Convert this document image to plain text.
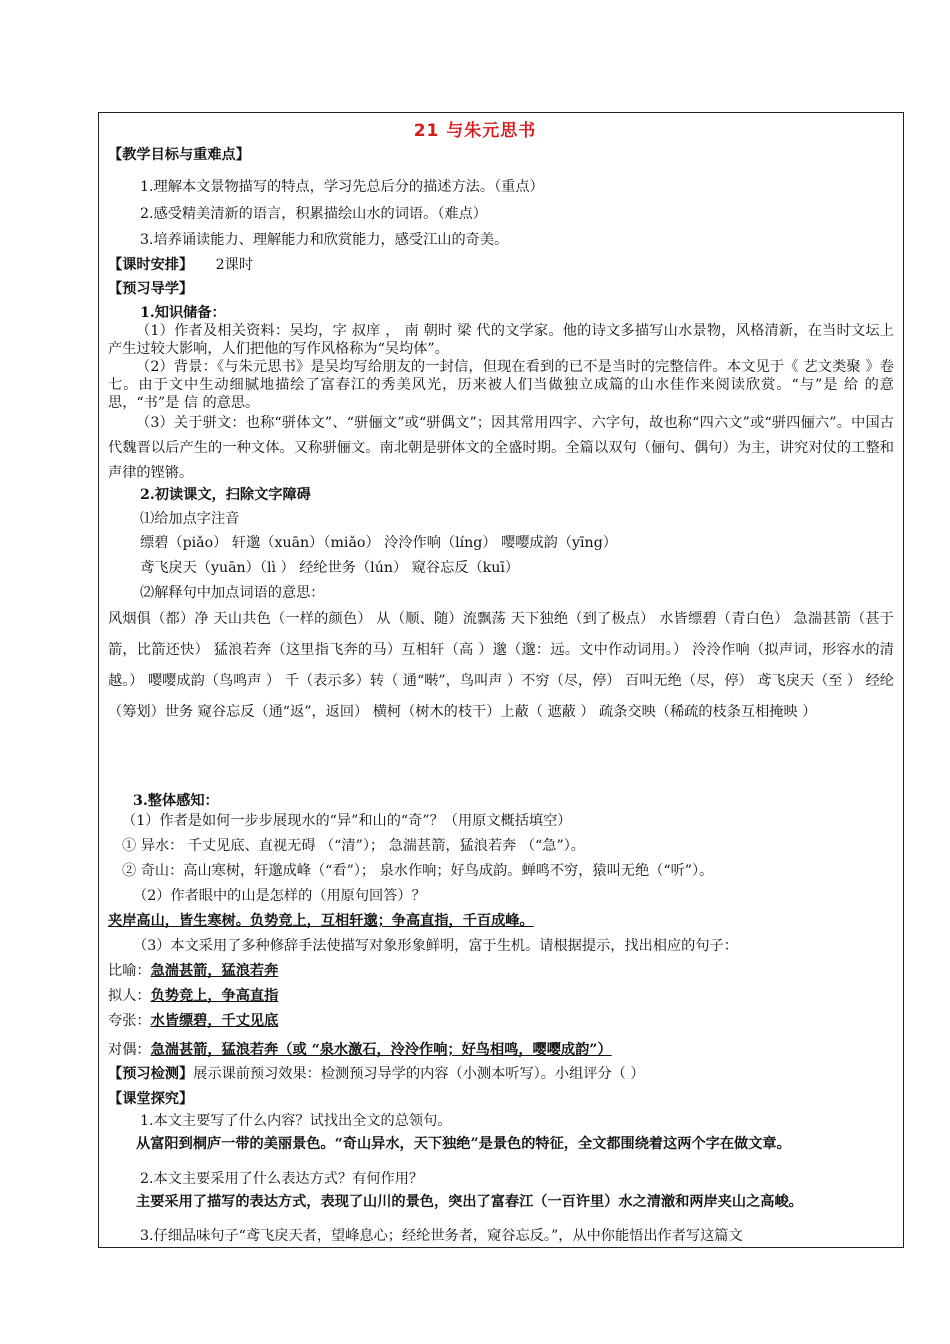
21 与朱元思书
【教学目标与重难点】
1.理解本文景物描写的特点，学习先总后分的描述方法。（重点）
2.感受精美清新的语言，积累描绘山水的词语。（难点）
3.培养诵读能力、理解能力和欣赏能力，感受江山的奇美。
【课时安排】 2课时
【预习导学】
1.知识储备：
（1）作者及相关资料：吴均，字 叔庠 ， 南 朝时 梁 代的文学家。他的诗文多描写山水景物，风格清新，在当时文坛上产生过较大影响，人们把他的写作风格称为“吴均体”。
（2）背景：《与朱元思书》是吴均写给朋友的一封信，但现在看到的已不是当时的完整信件。本文见于《 艺文类聚 》卷七。由于文中生动细腻地描绘了富春江的秀美风光，历来被人们当做独立成篇的山水佳作来阅读欣赏。“与”是 给 的意思，“书”是 信 的意思。
（3）关于骈文：也称“骈体文”、“骈俪文”或“骈偶文”；因其常用四字、六字句，故也称“四六文”或“骈四俪六”。中国古代魏晋以后产生的一种文体。又称骈俪文。南北朝是骈体文的全盛时期。全篇以双句（俪句、偶句）为主，讲究对仗的工整和声律的铿锵。
2.初读课文，扫除文字障碍
⑴给加点字注音
缥碧（piǎo） 轩邈（xuān）（miǎo） 泠泠作响（líng） 嘤嘤成韵（yīng）
鸢飞戾天（yuān）（lì ） 经纶世务（lún） 窥谷忘反（kuī）
⑵解释句中加点词语的意思：
风烟俱（都）净 天山共色（一样的颜色） 从（顺、随）流飘荡 天下独绝（到了极点） 水皆缥碧（青白色） 急湍甚箭（甚于箭，比箭还快） 猛浪若奔（这里指飞奔的马）互相轩（高 ）邈（邈：远。文中作动词用。） 泠泠作响（拟声词，形容水的清越。） 嘤嘤成韵（鸟鸣声 ） 千（表示多）转（ 通“啭”，鸟叫声 ）不穷（尽，停） 百叫无绝（尽，停） 鸢飞戾天（至 ） 经纶（筹划）世务 窥谷忘反（通“返”，返回） 横柯（树木的枝干）上蔽（ 遮蔽 ） 疏条交映（稀疏的枝条互相掩映 ）
3.整体感知：
（1）作者是如何一步步展现水的“异”和山的“奇”？（用原文概括填空）
① 异水： 千丈见底、直视无碍 （“清”）； 急湍甚箭，猛浪若奔 （“急”）。
② 奇山：高山寒树，轩邈成峰（“看”）； 泉水作响；好鸟成韵。蝉鸣不穷，猿叫无绝（“听”）。
（2）作者眼中的山是怎样的（用原句回答）？
夹岸高山，皆生寒树。负势竞上，互相轩邈；争高直指，千百成峰。
（3）本文采用了多种修辞手法使描写对象形象鲜明，富于生机。请根据提示，找出相应的句子：
比喻：急湍甚箭，猛浪若奔
拟人：负势竞上，争高直指
夸张：水皆缥碧，千丈见底
对偶：急湍甚箭，猛浪若奔（或 “泉水激石，泠泠作响；好鸟相鸣，嘤嘤成韵”）
【预习检测】展示课前预习效果：检测预习导学的内容（小测本听写）。小组评分（ ）
【课堂探究】
1.本文主要写了什么内容？试找出全文的总领句。
从富阳到桐庐一带的美丽景色。“奇山异水，天下独绝”是景色的特征，全文都围绕着这两个字在做文章。
2.本文主要采用了什么表达方式？有何作用？
主要采用了描写的表达方式，表现了山川的景色，突出了富春江（一百许里）水之清澈和两岸夹山之高峻。
3.仔细品味句子“鸢飞戾天者，望峰息心；经纶世务者，窥谷忘反。”，从中你能悟出作者写这篇文
